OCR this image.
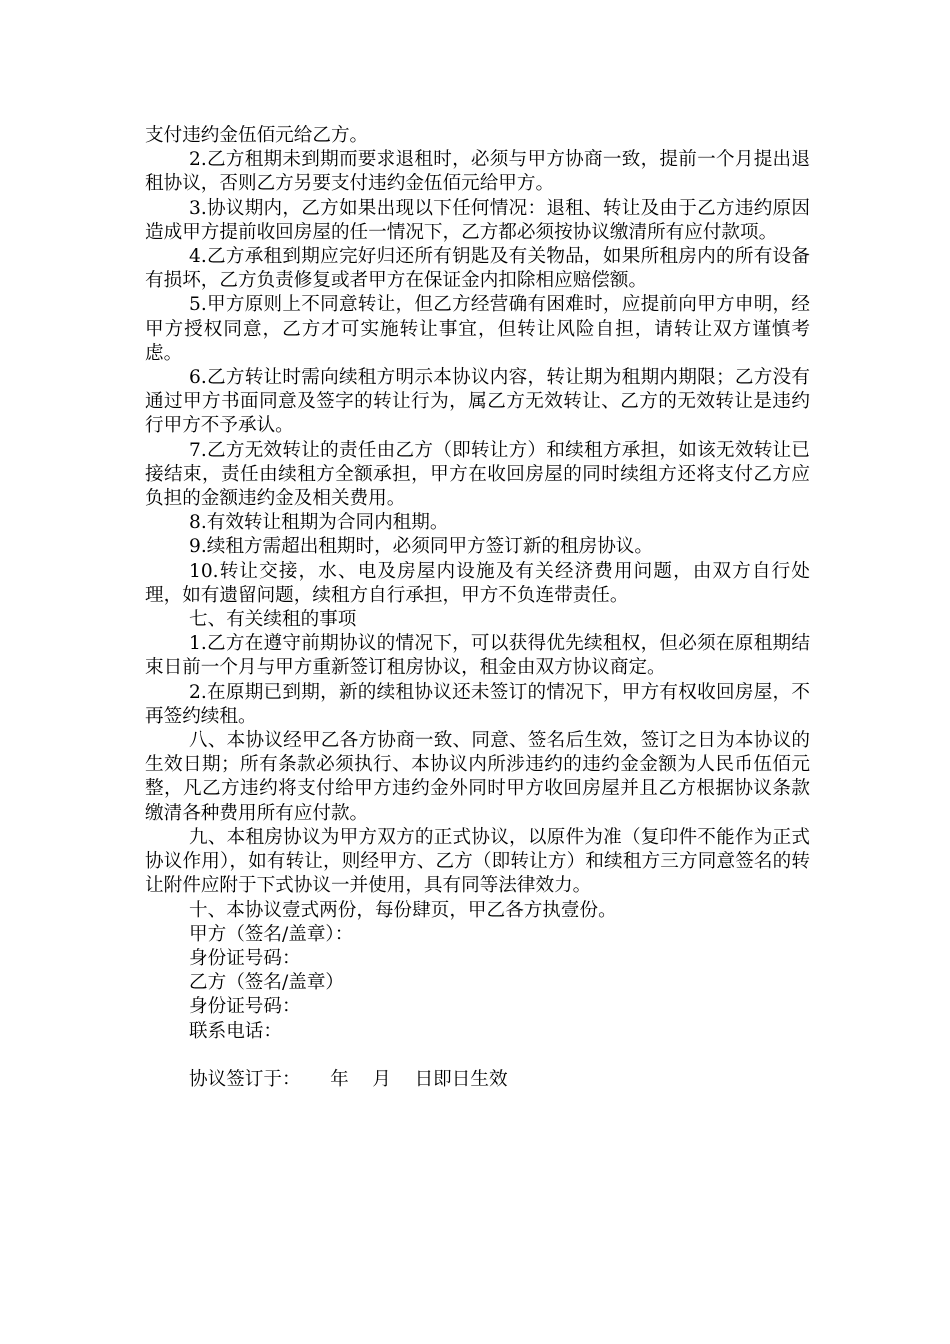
支付违约金伍佰元给乙方。

2.乙方租期未到期而要求退租时，必须与甲方协商一致，提前一个月提出退租协议，否则乙方另要支付违约金伍佰元给甲方。

3.协议期内，乙方如果出现以下任何情况：退租、转让及由于乙方违约原因造成甲方提前收回房屋的任一情况下，乙方都必须按协议缴清所有应付款项。

4.乙方承租到期应完好归还所有钥匙及有关物品，如果所租房内的所有设备有损坏，乙方负责修复或者甲方在保证金内扣除相应赔偿额。

5.甲方原则上不同意转让，但乙方经营确有困难时，应提前向甲方申明，经甲方授权同意，乙方才可实施转让事宜，但转让风险自担，请转让双方谨慎考虑。

6.乙方转让时需向续租方明示本协议内容，转让期为租期内期限；乙方没有通过甲方书面同意及签字的转让行为，属乙方无效转让、乙方的无效转让是违约行甲方不予承认。

7.乙方无效转让的责任由乙方（即转让方）和续租方承担，如该无效转让已接结束，责任由续租方全额承担，甲方在收回房屋的同时续组方还将支付乙方应负担的金额违约金及相关费用。

8.有效转让租期为合同内租期。

9.续租方需超出租期时，必须同甲方签订新的租房协议。

10.转让交接，水、电及房屋内设施及有关经济费用问题，由双方自行处理，如有遗留问题，续租方自行承担，甲方不负连带责任。

七、有关续租的事项

1.乙方在遵守前期协议的情况下，可以获得优先续租权，但必须在原租期结束日前一个月与甲方重新签订租房协议，租金由双方协议商定。

2.在原期已到期，新的续租协议还未签订的情况下，甲方有权收回房屋，不再签约续租。

八、本协议经甲乙各方协商一致、同意、签名后生效，签订之日为本协议的生效日期；所有条款必须执行、本协议内所涉违约的违约金金额为人民币伍佰元整，凡乙方违约将支付给甲方违约金外同时甲方收回房屋并且乙方根据协议条款缴清各种费用所有应付款。

九、本租房协议为甲方双方的正式协议，以原件为准（复印件不能作为正式协议作用），如有转让，则经甲方、乙方（即转让方）和续租方三方同意签名的转让附件应附于下式协议一并使用，具有同等法律效力。

十、本协议壹式两份，每份肆页，甲乙各方执壹份。

甲方（签名/盖章）：

身份证号码：

乙方（签名/盖章）

身份证号码：

联系电话：

协议签订于：     年    月    日即日生效
